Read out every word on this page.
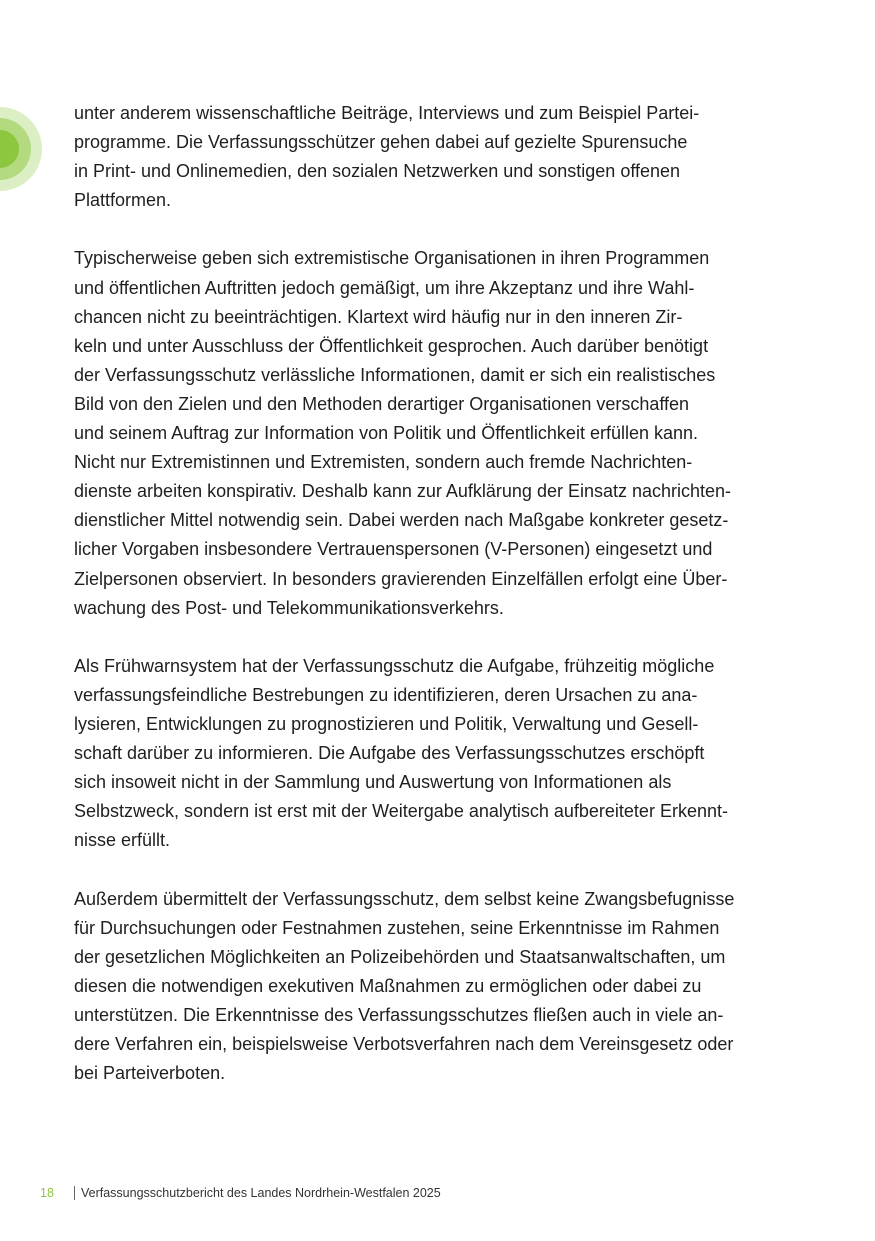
unter anderem wissenschaftliche Beiträge, Interviews und zum Beispiel Partei-
programme. Die Verfassungsschützer gehen dabei auf gezielte Spurensuche
in Print- und Onlinemedien, den sozialen Netzwerken und sonstigen offenen
Plattformen.
Typischerweise geben sich extremistische Organisationen in ihren Programmen
und öffentlichen Auftritten jedoch gemäßigt, um ihre Akzeptanz und ihre Wahl-
chancen nicht zu beeinträchtigen. Klartext wird häufig nur in den inneren Zir-
keln und unter Ausschluss der Öffentlichkeit gesprochen. Auch darüber benötigt
der Verfassungsschutz verlässliche Informationen, damit er sich ein realistisches
Bild von den Zielen und den Methoden derartiger Organisationen verschaffen
und seinem Auftrag zur Information von Politik und Öffentlichkeit erfüllen kann.
Nicht nur Extremistinnen und Extremisten, sondern auch fremde Nachrichten-
dienste arbeiten konspirativ. Deshalb kann zur Aufklärung der Einsatz nachrichten-
dienstlicher Mittel notwendig sein. Dabei werden nach Maßgabe konkreter gesetz-
licher Vorgaben insbesondere Vertrauenspersonen (V-Personen) eingesetzt und
Zielpersonen observiert. In besonders gravierenden Einzelfällen erfolgt eine Über-
wachung des Post- und Telekommunikationsverkehrs.
Als Frühwarnsystem hat der Verfassungsschutz die Aufgabe, frühzeitig mögliche
verfassungsfeindliche Bestrebungen zu identifizieren, deren Ursachen zu ana-
lysieren, Entwicklungen zu prognostizieren und Politik, Verwaltung und Gesell-
schaft darüber zu informieren. Die Aufgabe des Verfassungsschutzes erschöpft
sich insoweit nicht in der Sammlung und Auswertung von Informationen als
Selbstzweck, sondern ist erst mit der Weitergabe analytisch aufbereiteter Erkennt-
nisse erfüllt.
Außerdem übermittelt der Verfassungsschutz, dem selbst keine Zwangsbefugnisse
für Durchsuchungen oder Festnahmen zustehen, seine Erkenntnisse im Rahmen
der gesetzlichen Möglichkeiten an Polizeibehörden und Staatsanwaltschaften, um
diesen die notwendigen exekutiven Maßnahmen zu ermöglichen oder dabei zu
unterstützen. Die Erkenntnisse des Verfassungsschutzes fließen auch in viele an-
dere Verfahren ein, beispielsweise Verbotsverfahren nach dem Vereinsgesetz oder
bei Parteiverboten.
18	Verfassungsschutzbericht des Landes Nordrhein-Westfalen 2025
